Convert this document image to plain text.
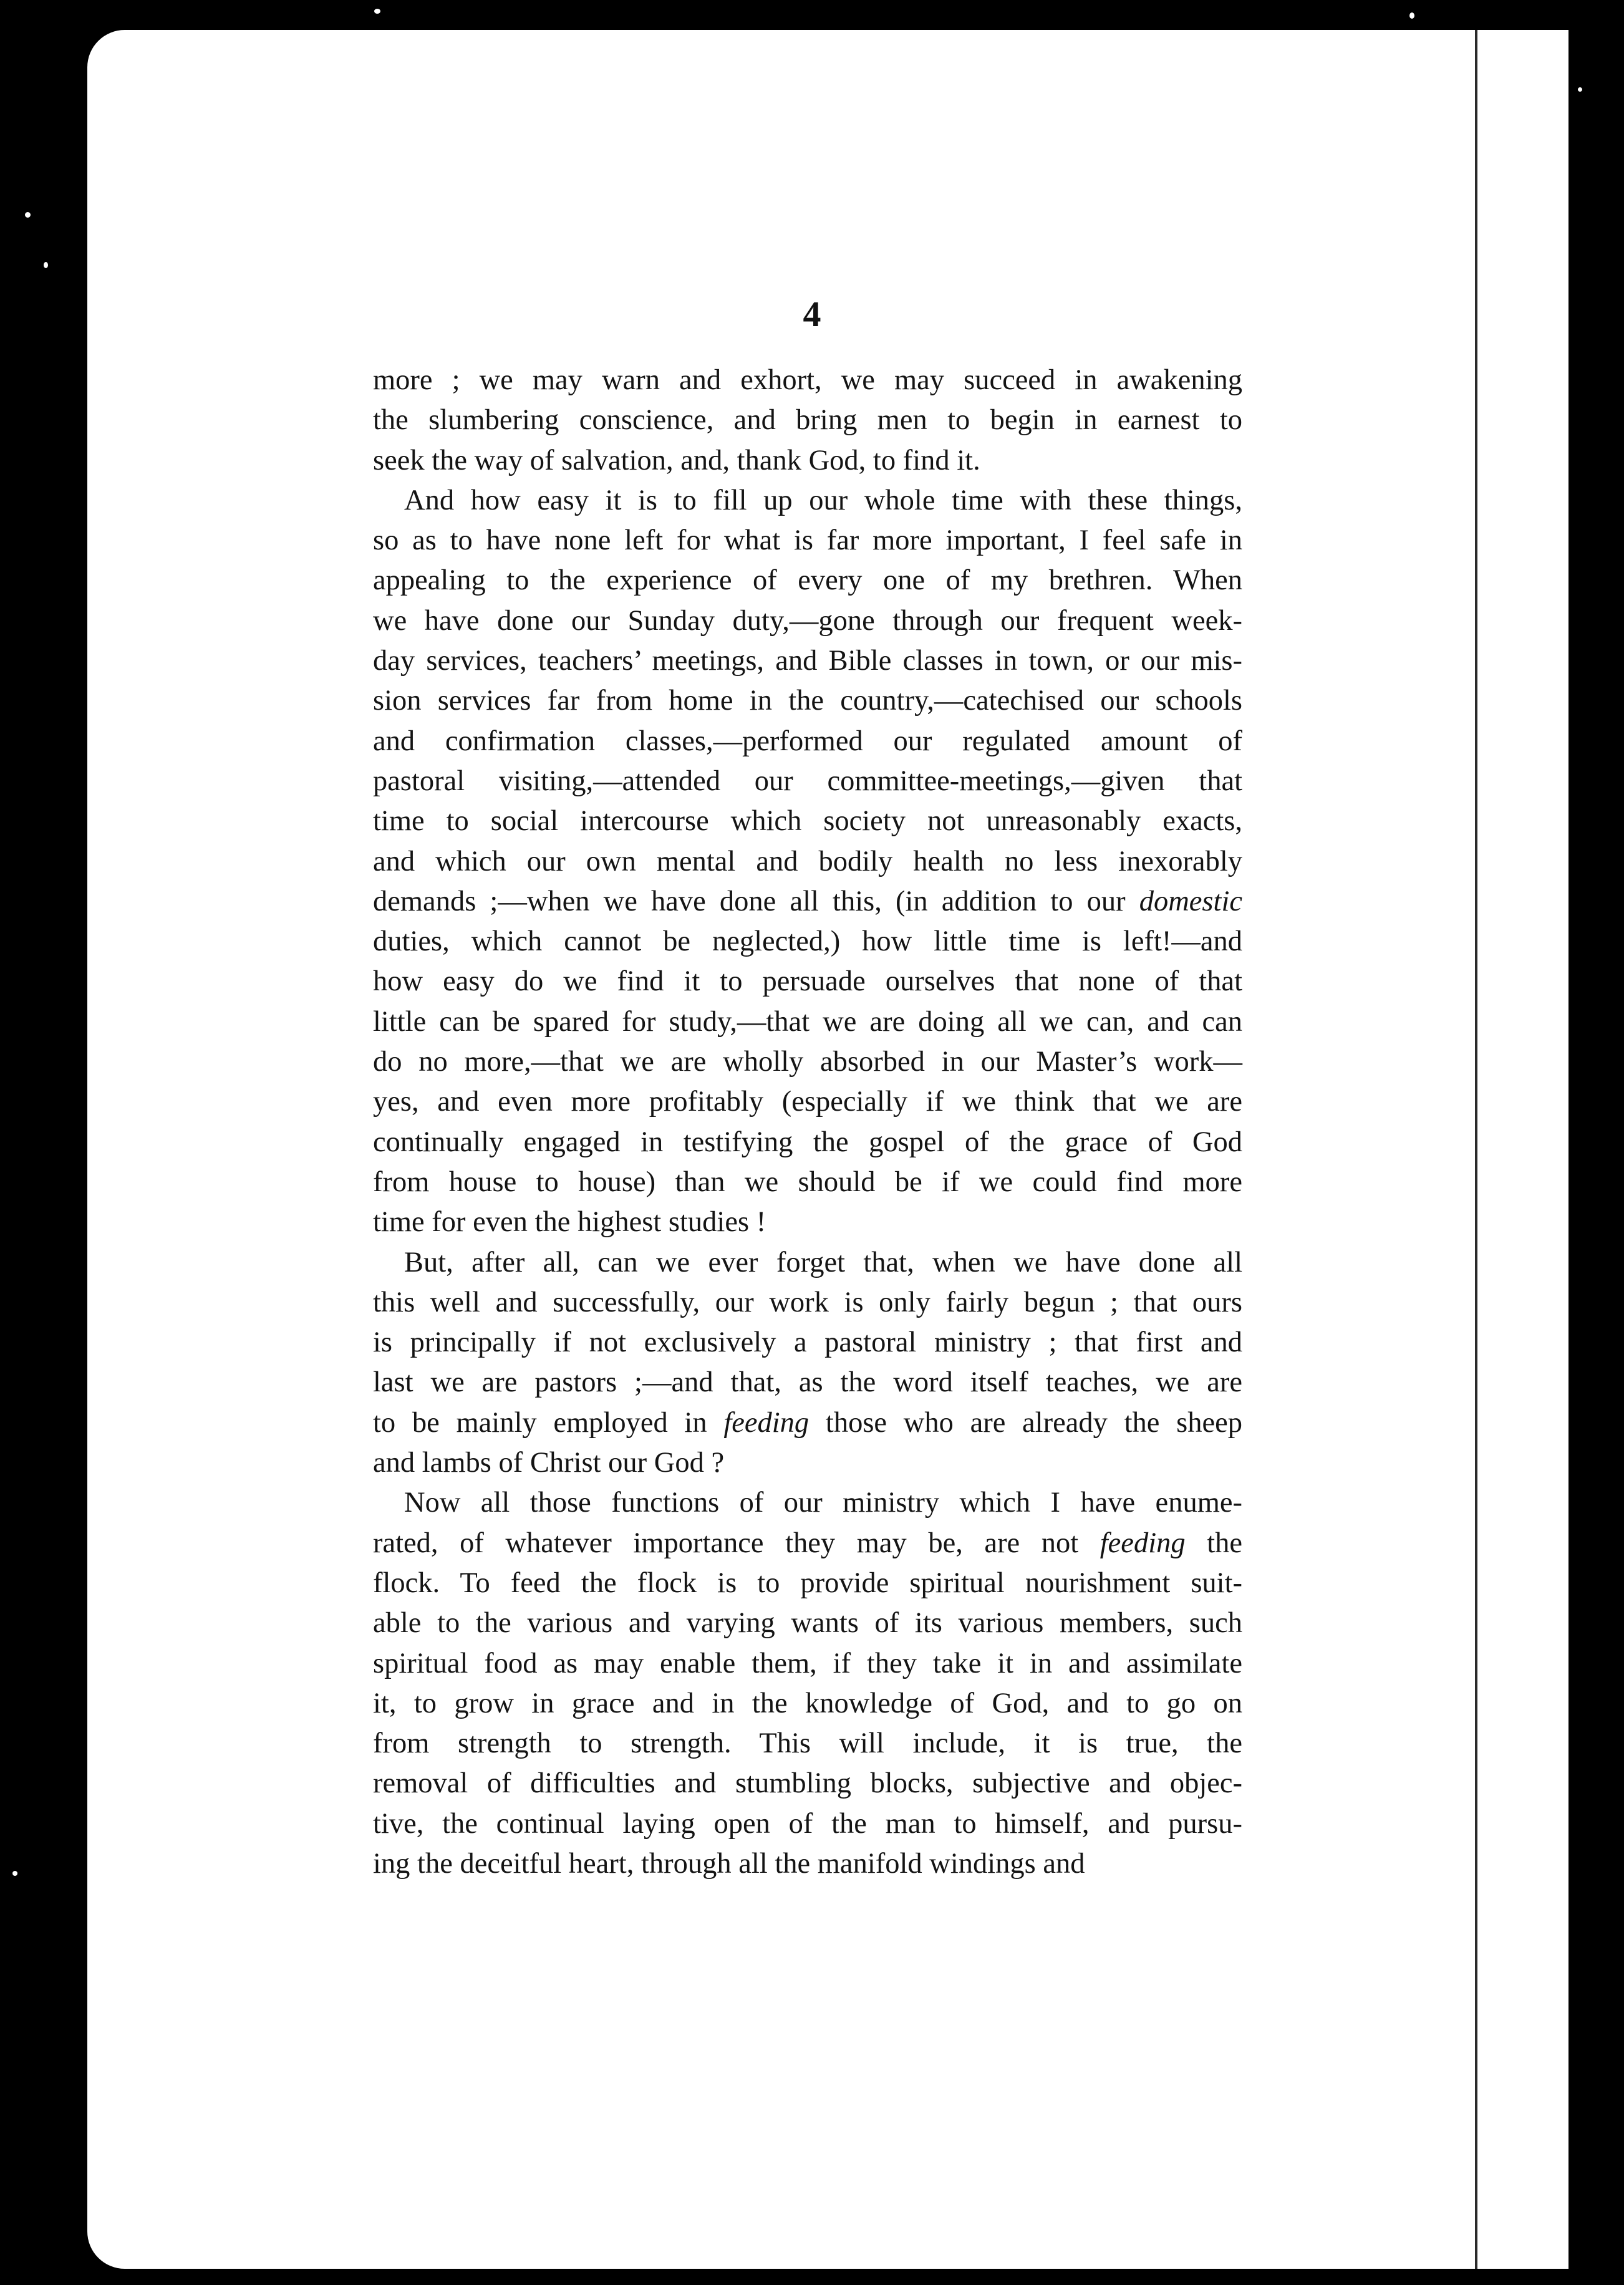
4
more ; we may warn and exhort, we may succeed in awakening
the slumbering conscience, and bring men to begin in earnest to
seek the way of salvation, and, thank God, to find it.
And how easy it is to fill up our whole time with these things,
so as to have none left for what is far more important, I feel safe in
appealing to the experience of every one of my brethren. When
we have done our Sunday duty,—gone through our frequent week-
day services, teachers’ meetings, and Bible classes in town, or our mis-
sion services far from home in the country,—catechised our schools
and confirmation classes,—performed our regulated amount of
pastoral visiting,—attended our committee-meetings,—given that
time to social intercourse which society not unreasonably exacts,
and which our own mental and bodily health no less inexorably
demands ;—when we have done all this, (in addition to our domestic
duties, which cannot be neglected,) how little time is left!—and
how easy do we find it to persuade ourselves that none of that
little can be spared for study,—that we are doing all we can, and can
do no more,—that we are wholly absorbed in our Master’s work—
yes, and even more profitably (especially if we think that we are
continually engaged in testifying the gospel of the grace of God
from house to house) than we should be if we could find more
time for even the highest studies !
But, after all, can we ever forget that, when we have done all
this well and successfully, our work is only fairly begun ; that ours
is principally if not exclusively a pastoral ministry ; that first and
last we are pastors ;—and that, as the word itself teaches, we are
to be mainly employed in feeding those who are already the sheep
and lambs of Christ our God ?
Now all those functions of our ministry which I have enume-
rated, of whatever importance they may be, are not feeding the
flock. To feed the flock is to provide spiritual nourishment suit-
able to the various and varying wants of its various members, such
spiritual food as may enable them, if they take it in and assimilate
it, to grow in grace and in the knowledge of God, and to go on
from strength to strength. This will include, it is true, the
removal of difficulties and stumbling blocks, subjective and objec-
tive, the continual laying open of the man to himself, and pursu-
ing the deceitful heart, through all the manifold windings and
